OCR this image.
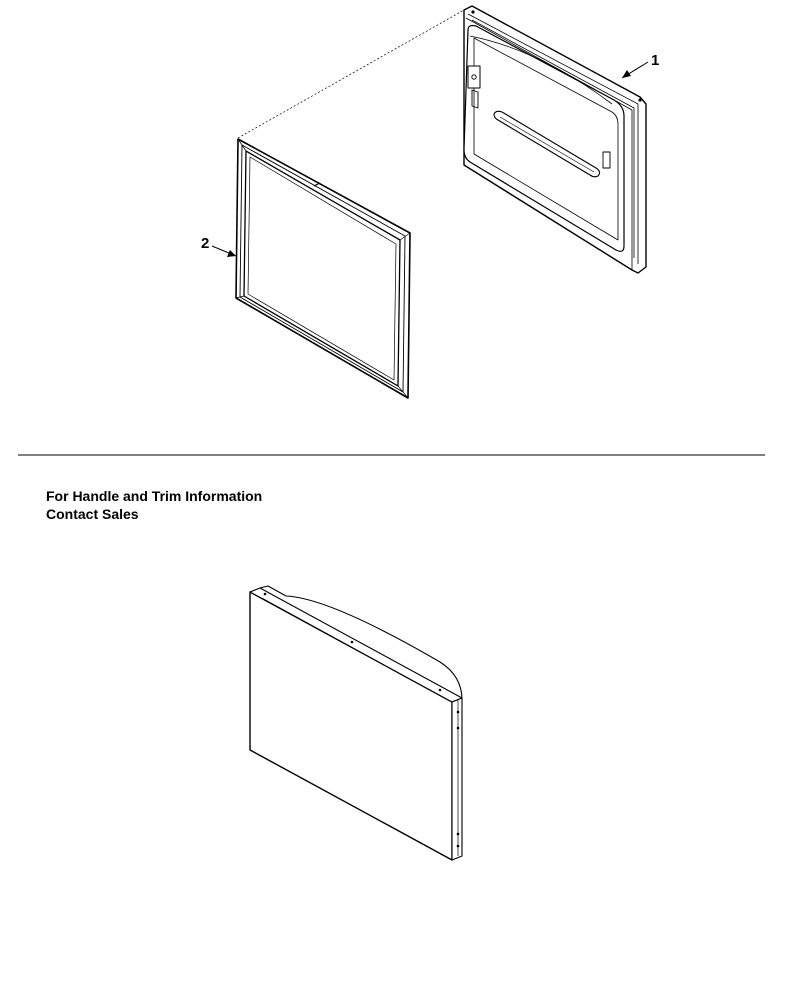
1
2
For Handle and Trim Information
Contact Sales
